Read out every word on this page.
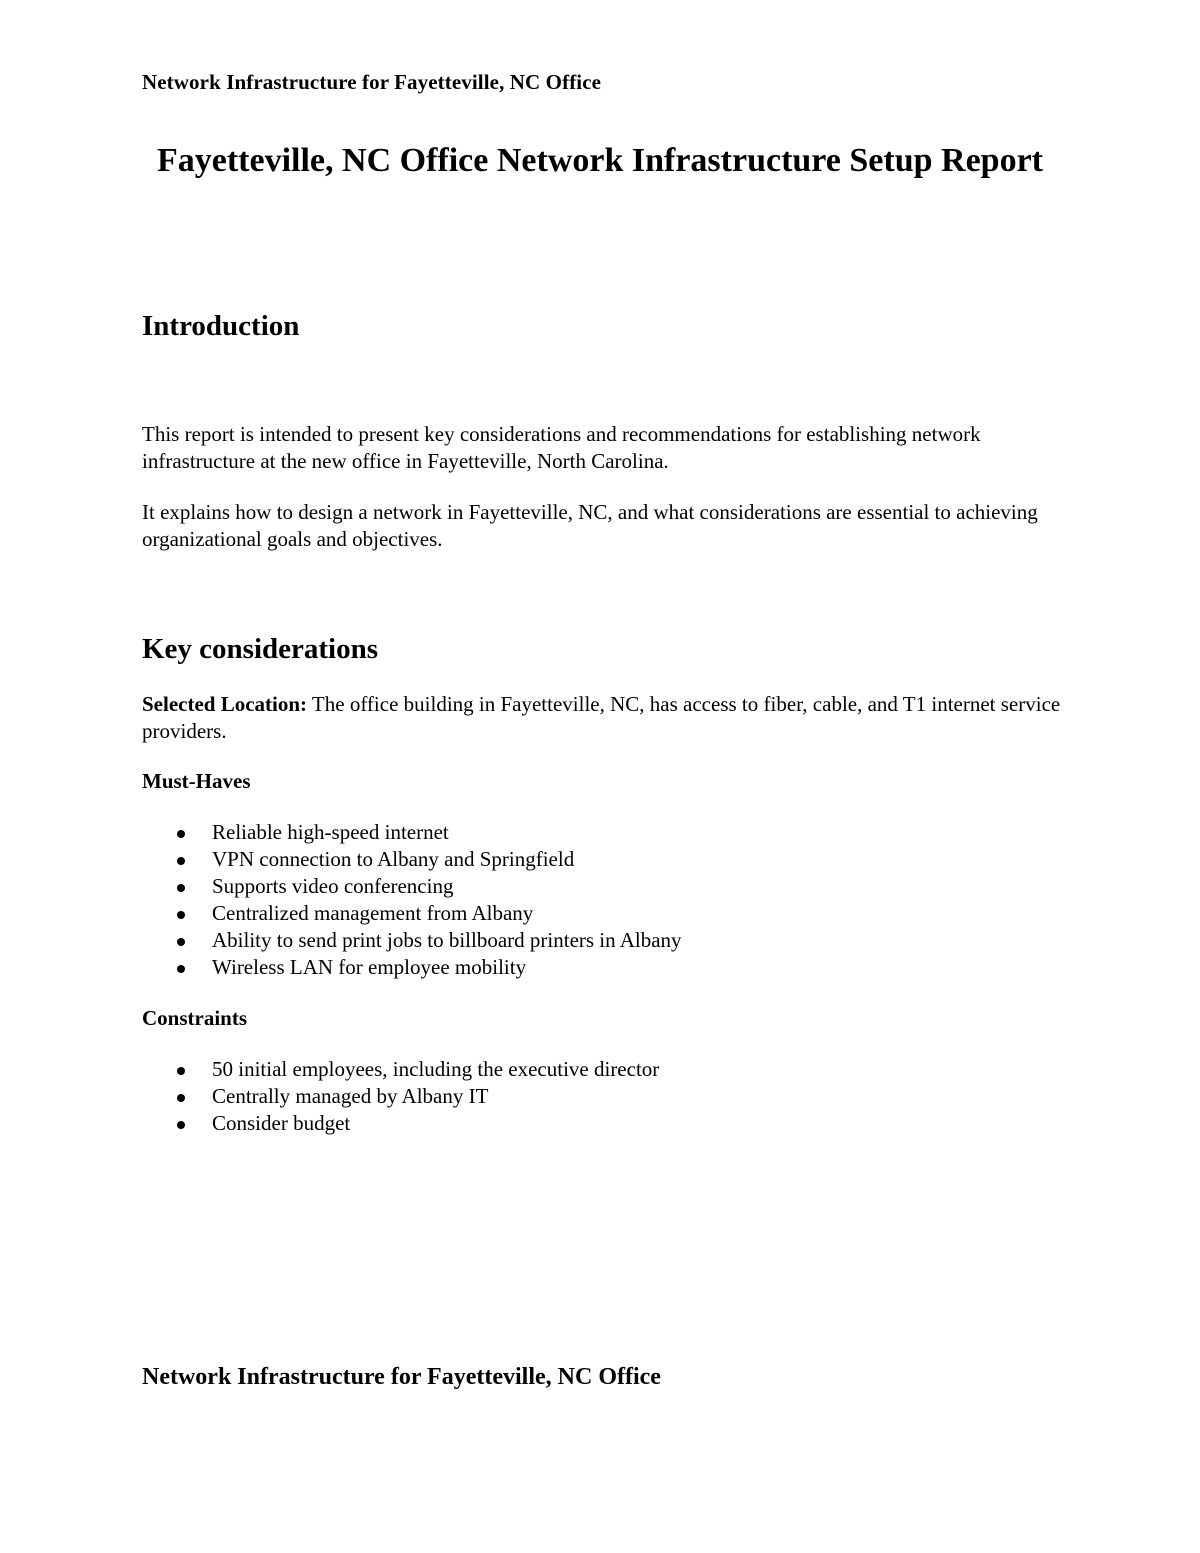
Network Infrastructure for Fayetteville, NC Office
Fayetteville, NC Office Network Infrastructure Setup Report
Introduction

This report is intended to present key considerations and recommendations for establishing network infrastructure at the new office in Fayetteville, North Carolina.

It explains how to design a network in Fayetteville, NC, and what considerations are essential to achieving organizational goals and objectives.

Key considerations

Selected Location: The office building in Fayetteville, NC, has access to fiber, cable, and T1 internet service providers.

Must-Haves
Reliable high-speed internet
VPN connection to Albany and Springfield
Supports video conferencing
Centralized management from Albany
Ability to send print jobs to billboard printers in Albany
Wireless LAN for employee mobility
Constraints
50 initial employees, including the executive director
Centrally managed by Albany IT
Consider budget
Network Infrastructure for Fayetteville, NC Office
